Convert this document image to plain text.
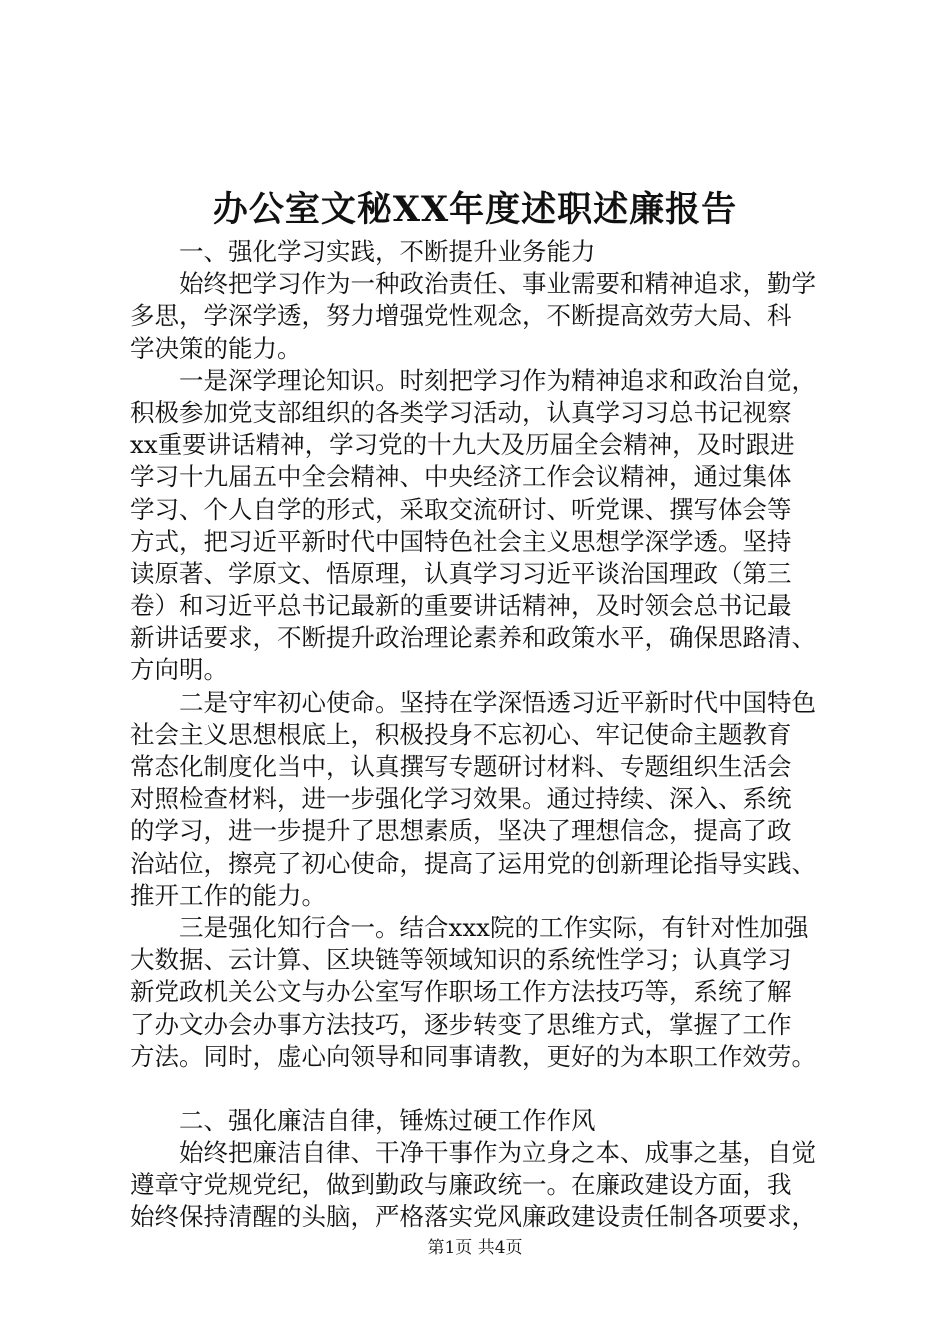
办公室文秘XX年度述职述廉报告
一、强化学习实践，不断提升业务能力
始终把学习作为一种政治责任、事业需要和精神追求，勤学
多思，学深学透，努力增强党性观念，不断提高效劳大局、科
学决策的能力。
一是深学理论知识。时刻把学习作为精神追求和政治自觉，
积极参加党支部组织的各类学习活动，认真学习习总书记视察
xx重要讲话精神，学习党的十九大及历届全会精神，及时跟进
学习十九届五中全会精神、中央经济工作会议精神，通过集体
学习、个人自学的形式，采取交流研讨、听党课、撰写体会等
方式，把习近平新时代中国特色社会主义思想学深学透。坚持
读原著、学原文、悟原理，认真学习习近平谈治国理政（第三
卷）和习近平总书记最新的重要讲话精神，及时领会总书记最
新讲话要求，不断提升政治理论素养和政策水平，确保思路清、
方向明。
二是守牢初心使命。坚持在学深悟透习近平新时代中国特色
社会主义思想根底上，积极投身不忘初心、牢记使命主题教育
常态化制度化当中，认真撰写专题研讨材料、专题组织生活会
对照检查材料，进一步强化学习效果。通过持续、深入、系统
的学习，进一步提升了思想素质，坚决了理想信念，提高了政
治站位，擦亮了初心使命，提高了运用党的创新理论指导实践、
推开工作的能力。
三是强化知行合一。结合xxx院的工作实际，有针对性加强
大数据、云计算、区块链等领域知识的系统性学习；认真学习
新党政机关公文与办公室写作职场工作方法技巧等，系统了解
了办文办会办事方法技巧，逐步转变了思维方式，掌握了工作
方法。同时，虚心向领导和同事请教，更好的为本职工作效劳。
二、强化廉洁自律，锤炼过硬工作作风
始终把廉洁自律、干净干事作为立身之本、成事之基，自觉
遵章守党规党纪，做到勤政与廉政统一。在廉政建设方面，我
始终保持清醒的头脑，严格落实党风廉政建设责任制各项要求，
第1页 共4页
